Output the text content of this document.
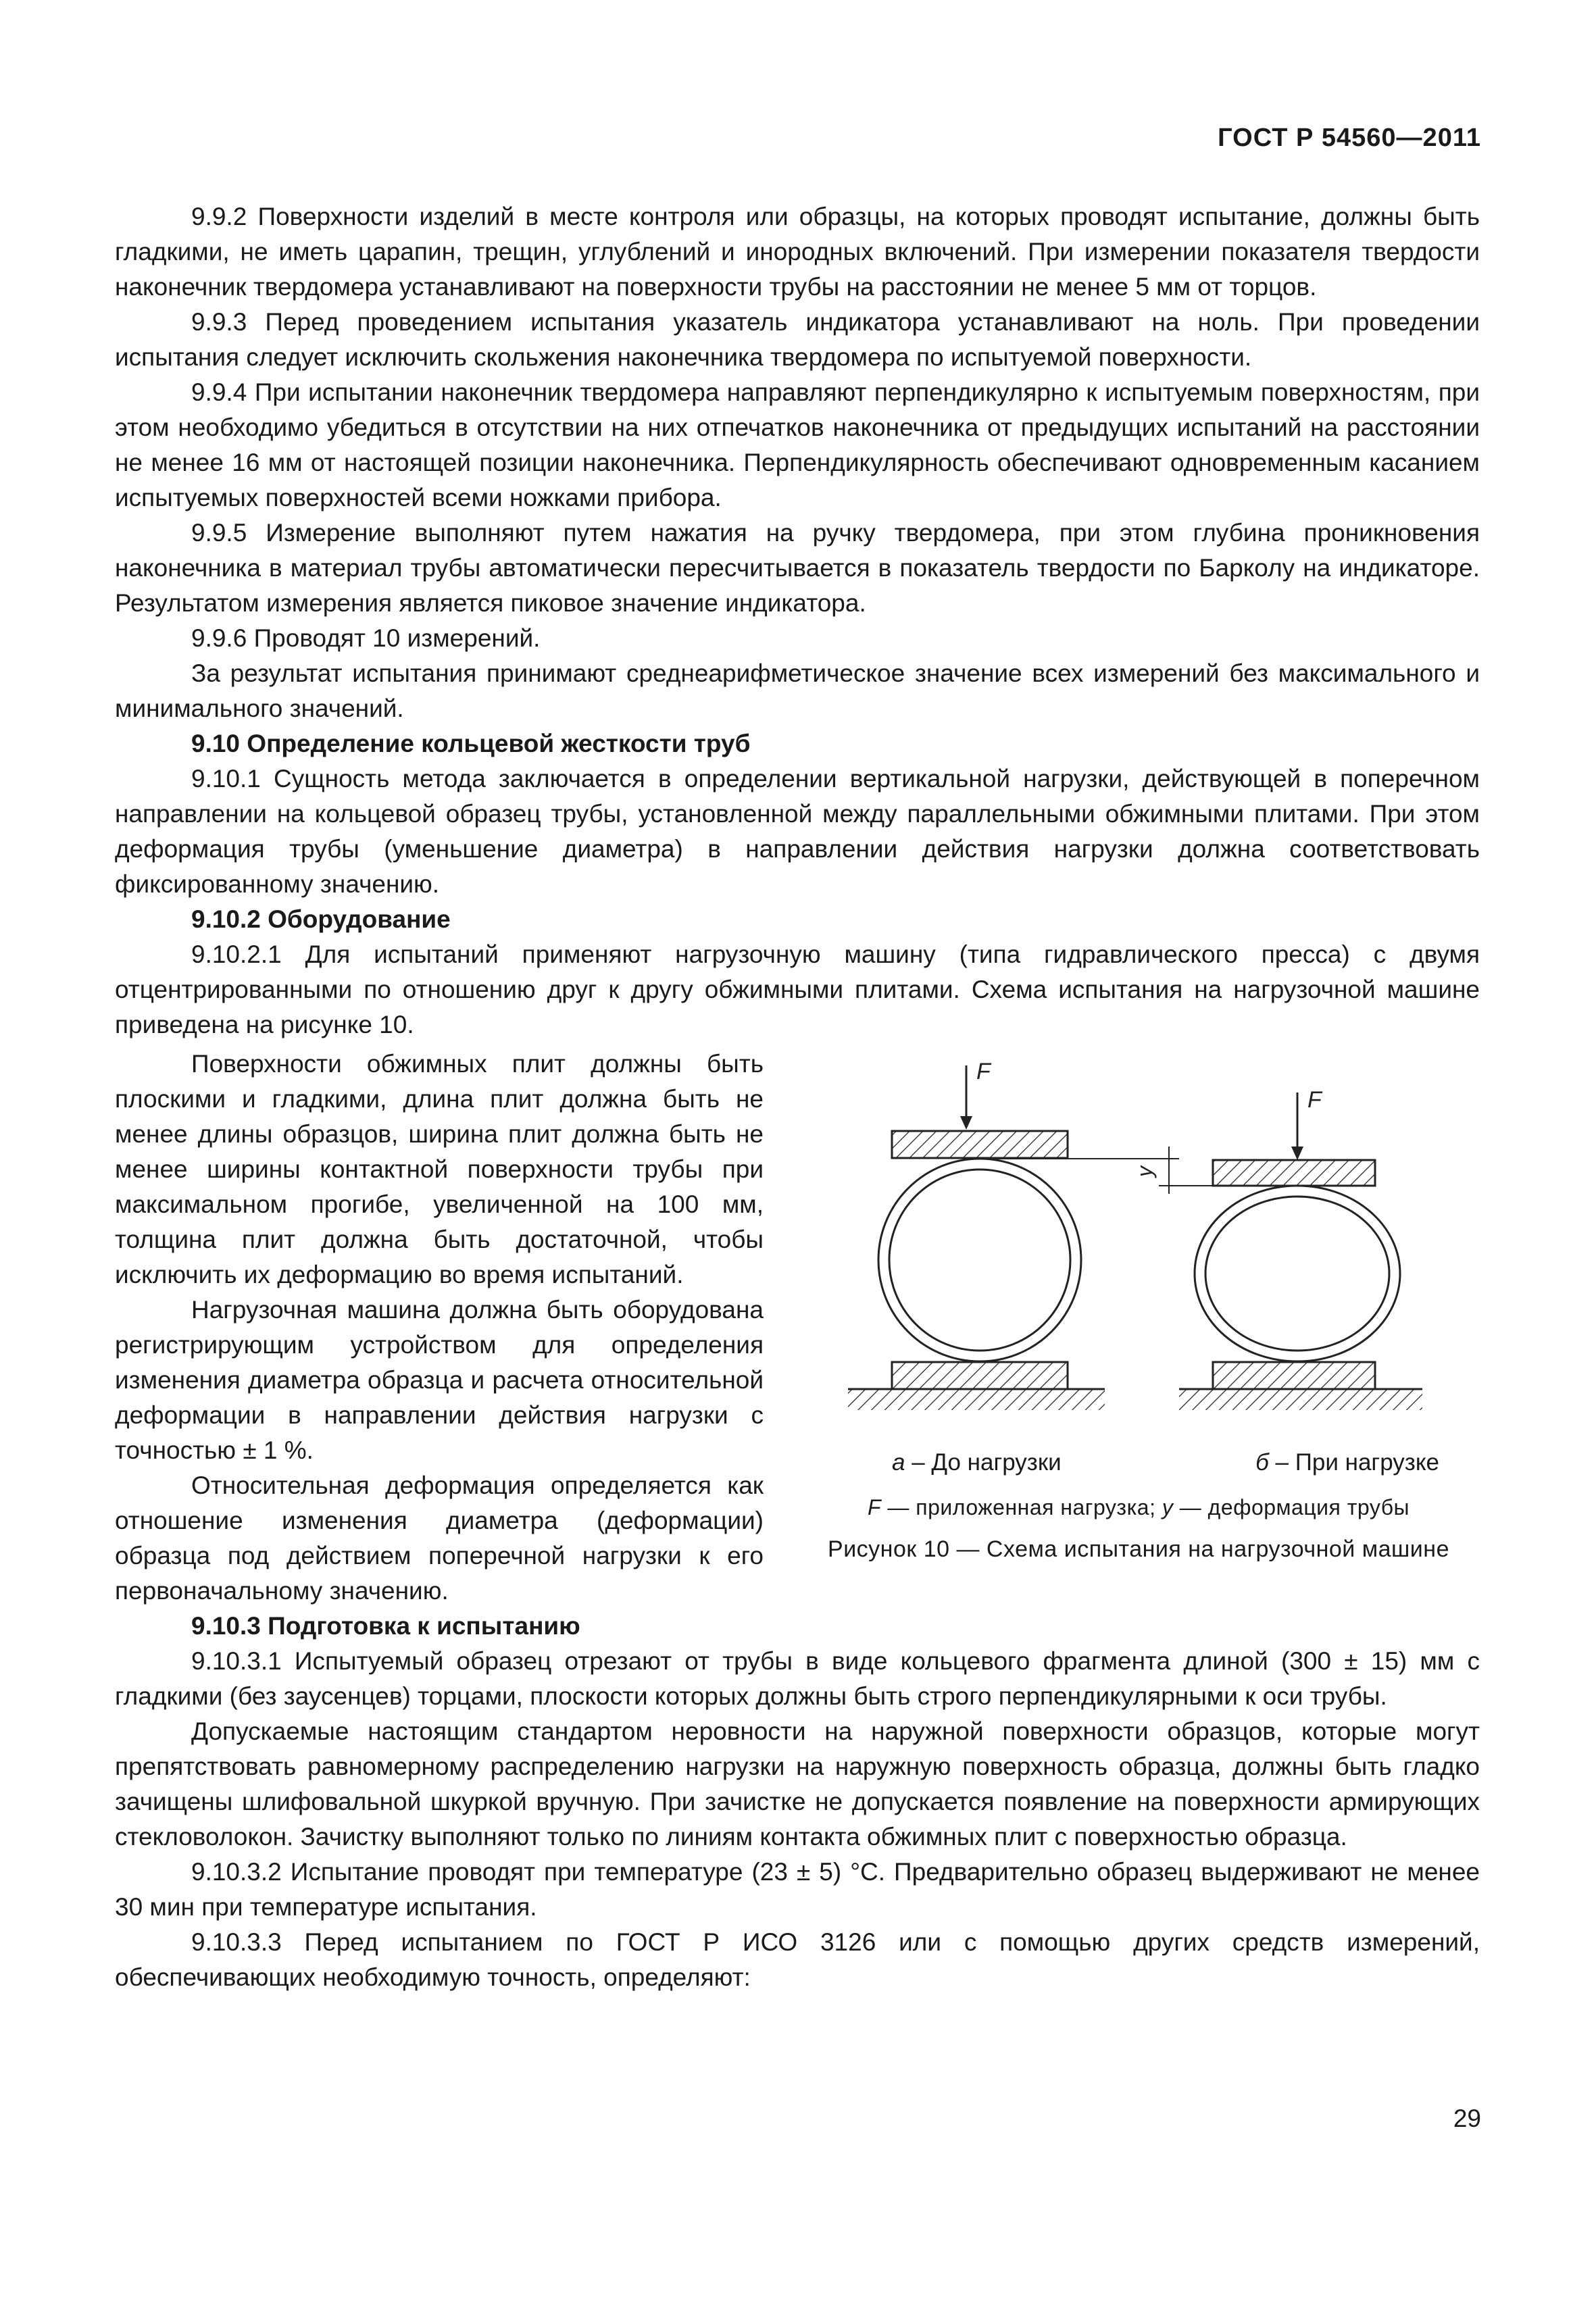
ГОСТ Р 54560—2011

9.9.2 Поверхности изделий в месте контроля или образцы, на которых проводят испытание, должны быть гладкими, не иметь царапин, трещин, углублений и инородных включений. При измерении показателя твердости наконечник твердомера устанавливают на поверхности трубы на расстоянии не менее 5 мм от торцов.

9.9.3 Перед проведением испытания указатель индикатора устанавливают на ноль. При проведении испытания следует исключить скольжения наконечника твердомера по испытуемой поверхности.

9.9.4 При испытании наконечник твердомера направляют перпендикулярно к испытуемым поверхностям, при этом необходимо убедиться в отсутствии на них отпечатков наконечника от предыдущих испытаний на расстоянии не менее 16 мм от настоящей позиции наконечника. Перпендикулярность обеспечивают одновременным касанием испытуемых поверхностей всеми ножками прибора.

9.9.5 Измерение выполняют путем нажатия на ручку твердомера, при этом глубина проникновения наконечника в материал трубы автоматически пересчитывается в показатель твердости по Барколу на индикаторе. Результатом измерения является пиковое значение индикатора.

9.9.6 Проводят 10 измерений.

За результат испытания принимают среднеарифметическое значение всех измерений без максимального и минимального значений.

9.10 Определение кольцевой жесткости труб

9.10.1 Сущность метода заключается в определении вертикальной нагрузки, действующей в поперечном направлении на кольцевой образец трубы, установленной между параллельными обжимными плитами. При этом деформация трубы (уменьшение диаметра) в направлении действия нагрузки должна соответствовать фиксированному значению.

9.10.2 Оборудование

9.10.2.1 Для испытаний применяют нагрузочную машину (типа гидравлического пресса) с двумя отцентрированными по отношению друг к другу обжимными плитами. Схема испытания на нагрузочной машине приведена на рисунке 10.

Поверхности обжимных плит должны быть плоскими и гладкими, длина плит должна быть не менее длины образцов, ширина плит должна быть не менее ширины контактной поверхности трубы при максимальном прогибе, увеличенной на 100 мм, толщина плит должна быть достаточной, чтобы исключить их деформацию во время испытаний.

Нагрузочная машина должна быть оборудована регистрирующим устройством для определения изменения диаметра образца и расчета относительной деформации в направлении действия нагрузки с точностью ± 1 %.

Относительная деформация определяется как отношение изменения диаметра (деформации) образца под действием поперечной нагрузки к его первоначальному значению.

F
y
F
а – До нагрузки	б – При нагрузке
F — приложенная нагрузка; y — деформация трубы
Рисунок 10 — Схема испытания на нагрузочной машине

9.10.3 Подготовка к испытанию

9.10.3.1 Испытуемый образец отрезают от трубы в виде кольцевого фрагмента длиной (300 ± 15) мм с гладкими (без заусенцев) торцами, плоскости которых должны быть строго перпендикулярными к оси трубы.

Допускаемые настоящим стандартом неровности на наружной поверхности образцов, которые могут препятствовать равномерному распределению нагрузки на наружную поверхность образца, должны быть гладко зачищены шлифовальной шкуркой вручную. При зачистке не допускается появление на поверхности армирующих стекловолокон. Зачистку выполняют только по линиям контакта обжимных плит с поверхностью образца.

9.10.3.2 Испытание проводят при температуре (23 ± 5) °С. Предварительно образец выдерживают не менее 30 мин при температуре испытания.

9.10.3.3 Перед испытанием по ГОСТ Р ИСО 3126 или с помощью других средств измерений, обеспечивающих необходимую точность, определяют:

29
